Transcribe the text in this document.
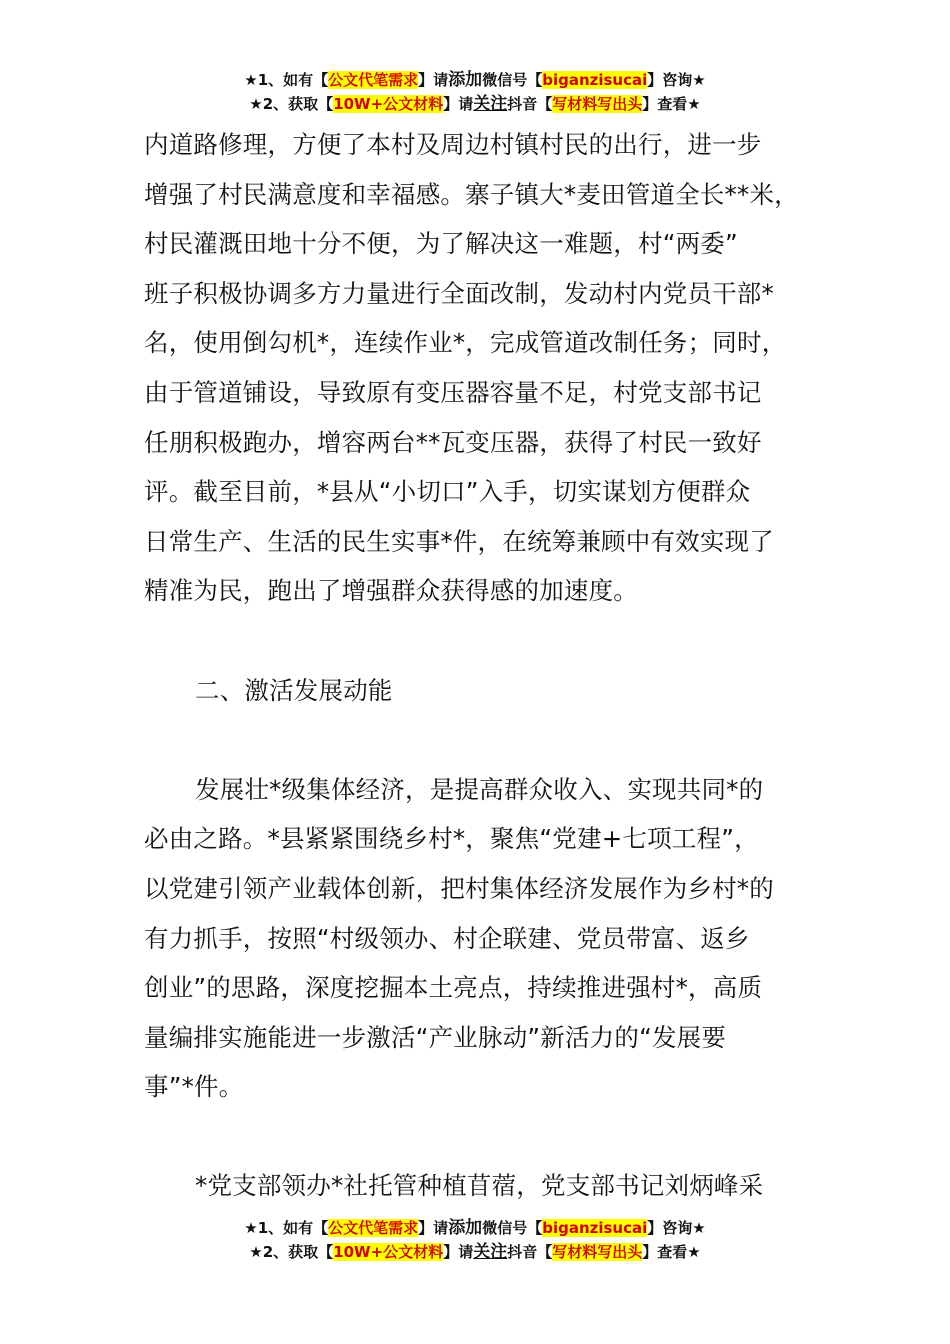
★1、如有【公文代笔需求】请添加微信号【biganzisucai】咨询★
★2、获取【10W+公文材料】请关注抖音【写材料写出头】查看★
内道路修理，方便了本村及周边村镇村民的出行，进一步
增强了村民满意度和幸福感。寨子镇大*麦田管道全长**米，
村民灌溉田地十分不便，为了解决这一难题，村“两委”
班子积极协调多方力量进行全面改制，发动村内党员干部*
名，使用倒勾机*，连续作业*，完成管道改制任务；同时，
由于管道铺设，导致原有变压器容量不足，村党支部书记
任朋积极跑办，增容两台**瓦变压器，获得了村民一致好
评。截至目前，*县从“小切口”入手，切实谋划方便群众
日常生产、生活的民生实事*件，在统筹兼顾中有效实现了
精准为民，跑出了增强群众获得感的加速度。
二、激活发展动能
发展壮*级集体经济，是提高群众收入、实现共同*的
必由之路。*县紧紧围绕乡村*，聚焦“党建+七项工程”，
以党建引领产业载体创新，把村集体经济发展作为乡村*的
有力抓手，按照“村级领办、村企联建、党员带富、返乡
创业”的思路，深度挖掘本土亮点，持续推进强村*，高质
量编排实施能进一步激活“产业脉动”新活力的“发展要
事”*件。
*党支部领办*社托管种植苜蓿，党支部书记刘炳峰采
★1、如有【公文代笔需求】请添加微信号【biganzisucai】咨询★
★2、获取【10W+公文材料】请关注抖音【写材料写出头】查看★
